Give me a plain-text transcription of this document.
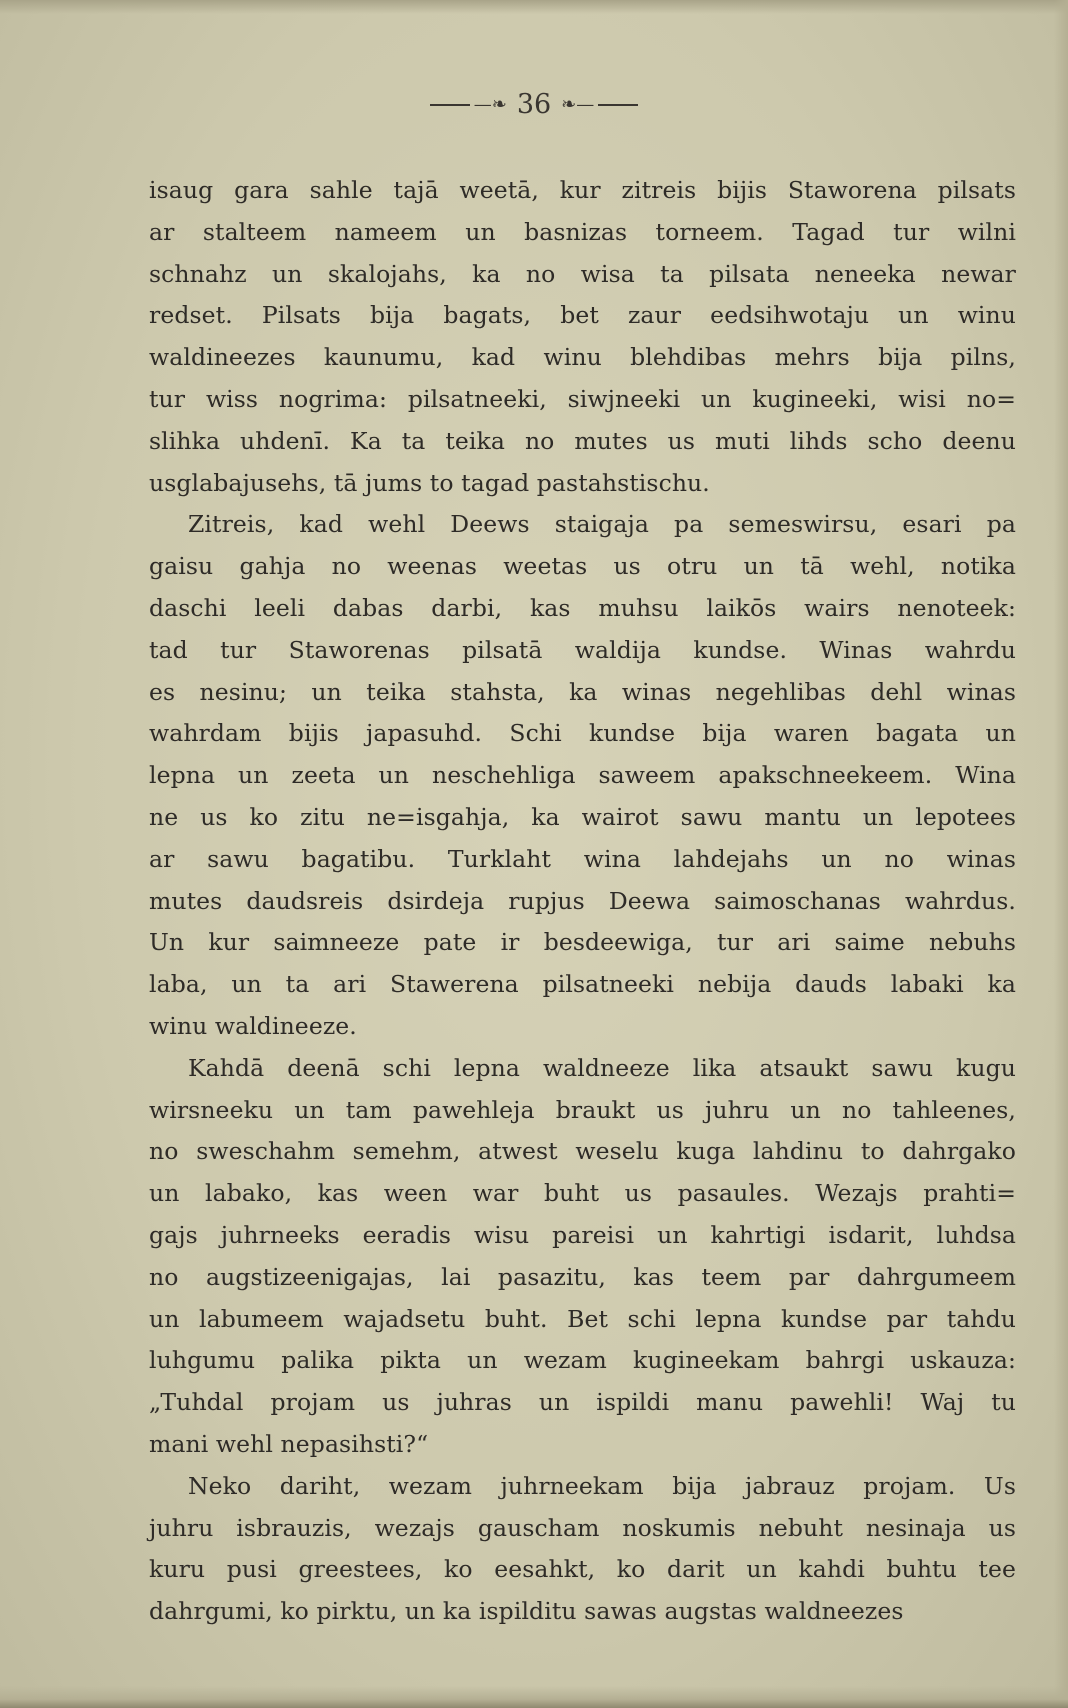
—❧ 36 ❧—
isaug gara sahle tajā weetā, kur zitreis bijis Staworena pilsats
ar stalteem nameem un basnizas torneem. Tagad tur wilni
schnahz un skalojahs, ka no wisa ta pilsata neneeka newar
redset. Pilsats bija bagats, bet zaur eedsihwotaju un winu
waldineezes kaunumu, kad winu blehdibas mehrs bija pilns,
tur wiss nogrima: pilsatneeki, siwjneeki un kugineeki, wisi no=
slihka uhdenī. Ka ta teika no mutes us muti lihds scho deenu
usglabajusehs, tā jums to tagad pastahstischu.
Zitreis, kad wehl Deews staigaja pa semeswirsu, esari pa
gaisu gahja no weenas weetas us otru un tā wehl, notika
daschi leeli dabas darbi, kas muhsu laikōs wairs nenoteek:
tad tur Staworenas pilsatā waldija kundse. Winas wahrdu
es nesinu; un teika stahsta, ka winas negehlibas dehl winas
wahrdam bijis japasuhd. Schi kundse bija waren bagata un
lepna un zeeta un neschehliga saweem apakschneekeem. Wina
ne us ko zitu ne=isgahja, ka wairot sawu mantu un lepotees
ar sawu bagatibu. Turklaht wina lahdejahs un no winas
mutes daudsreis dsirdeja rupjus Deewa saimoschanas wahrdus.
Un kur saimneeze pate ir besdeewiga, tur ari saime nebuhs
laba, un ta ari Stawerena pilsatneeki nebija dauds labaki ka
winu waldineeze.
Kahdā deenā schi lepna waldneeze lika atsaukt sawu kugu
wirsneeku un tam pawehleja braukt us juhru un no tahleenes,
no sweschahm semehm, atwest weselu kuga lahdinu to dahrgako
un labako, kas ween war buht us pasaules. Wezajs prahti=
gajs juhrneeks eeradis wisu pareisi un kahrtigi isdarit, luhdsa
no augstizeenigajas, lai pasazitu, kas teem par dahrgumeem
un labumeem wajadsetu buht. Bet schi lepna kundse par tahdu
luhgumu palika pikta un wezam kugineekam bahrgi uskauza:
„Tuhdal projam us juhras un ispildi manu pawehli! Waj tu
mani wehl nepasihsti?“
Neko dariht, wezam juhrneekam bija jabrauz projam. Us
juhru isbrauzis, wezajs gauscham noskumis nebuht nesinaja us
kuru pusi greestees, ko eesahkt, ko darit un kahdi buhtu tee
dahrgumi, ko pirktu, un ka ispilditu sawas augstas waldneezes
